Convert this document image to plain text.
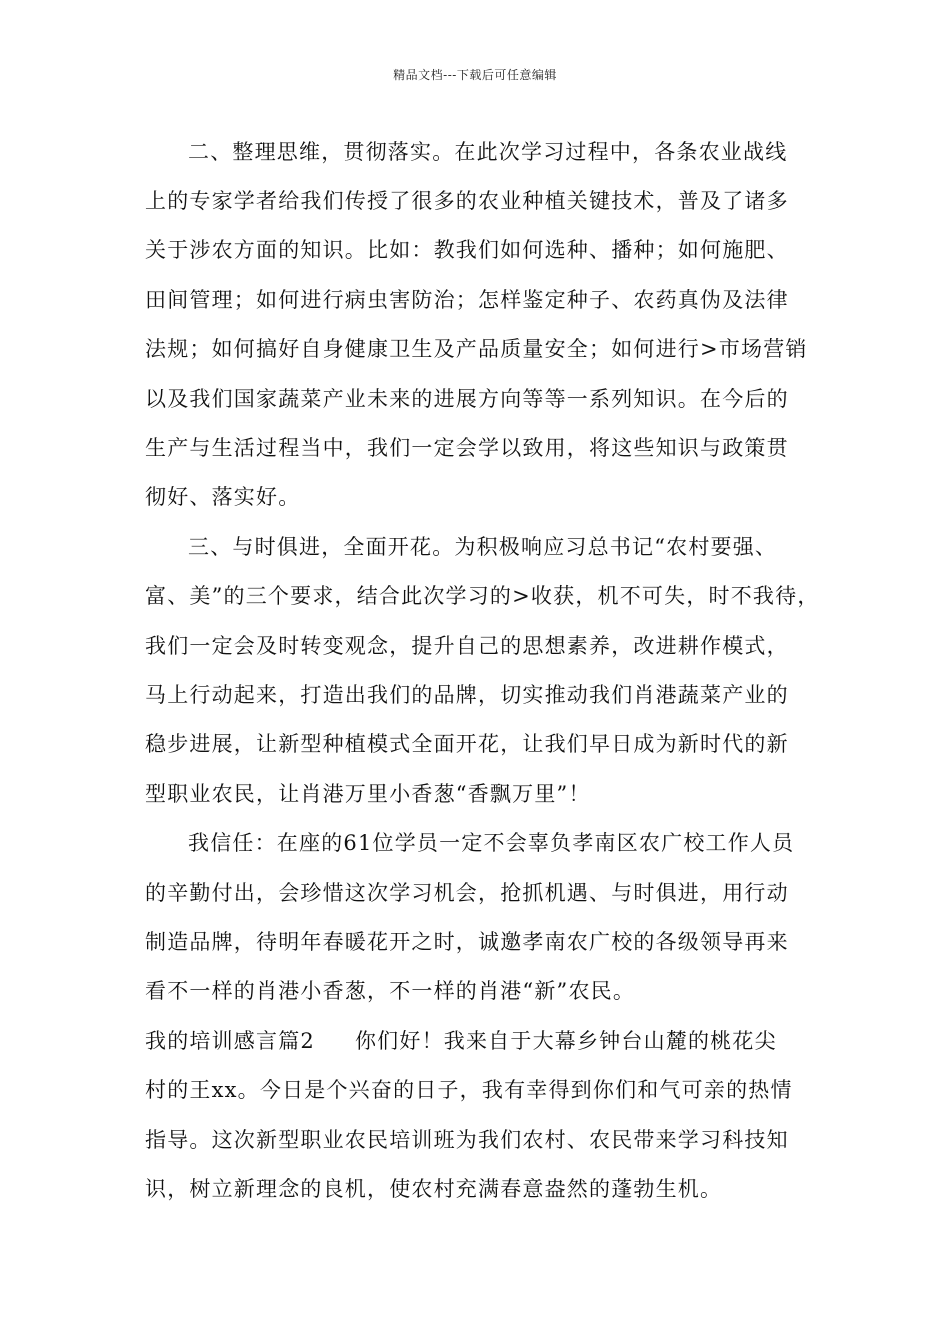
精品文档---下载后可任意编辑
二、整理思维，贯彻落实。在此次学习过程中，各条农业战线
上的专家学者给我们传授了很多的农业种植关键技术，普及了诸多
关于涉农方面的知识。比如：教我们如何选种、播种；如何施肥、
田间管理；如何进行病虫害防治；怎样鉴定种子、农药真伪及法律
法规；如何搞好自身健康卫生及产品质量安全；如何进行>市场营销
以及我们国家蔬菜产业未来的进展方向等等一系列知识。在今后的
生产与生活过程当中，我们一定会学以致用，将这些知识与政策贯
彻好、落实好。
三、与时俱进，全面开花。为积极响应习总书记“农村要强、
富、美”的三个要求，结合此次学习的>收获，机不可失，时不我待，
我们一定会及时转变观念，提升自己的思想素养，改进耕作模式，
马上行动起来，打造出我们的品牌，切实推动我们肖港蔬菜产业的
稳步进展，让新型种植模式全面开花，让我们早日成为新时代的新
型职业农民，让肖港万里小香葱“香飘万里”！
我信任：在座的61位学员一定不会辜负孝南区农广校工作人员
的辛勤付出，会珍惜这次学习机会，抢抓机遇、与时俱进，用行动
制造品牌，待明年春暖花开之时，诚邀孝南农广校的各级领导再来
看不一样的肖港小香葱，不一样的肖港“新”农民。
我的培训感言篇2 你们好！我来自于大幕乡钟台山麓的桃花尖
村的王xx。今日是个兴奋的日子，我有幸得到你们和气可亲的热情
指导。这次新型职业农民培训班为我们农村、农民带来学习科技知
识，树立新理念的良机，使农村充满春意盎然的蓬勃生机。
